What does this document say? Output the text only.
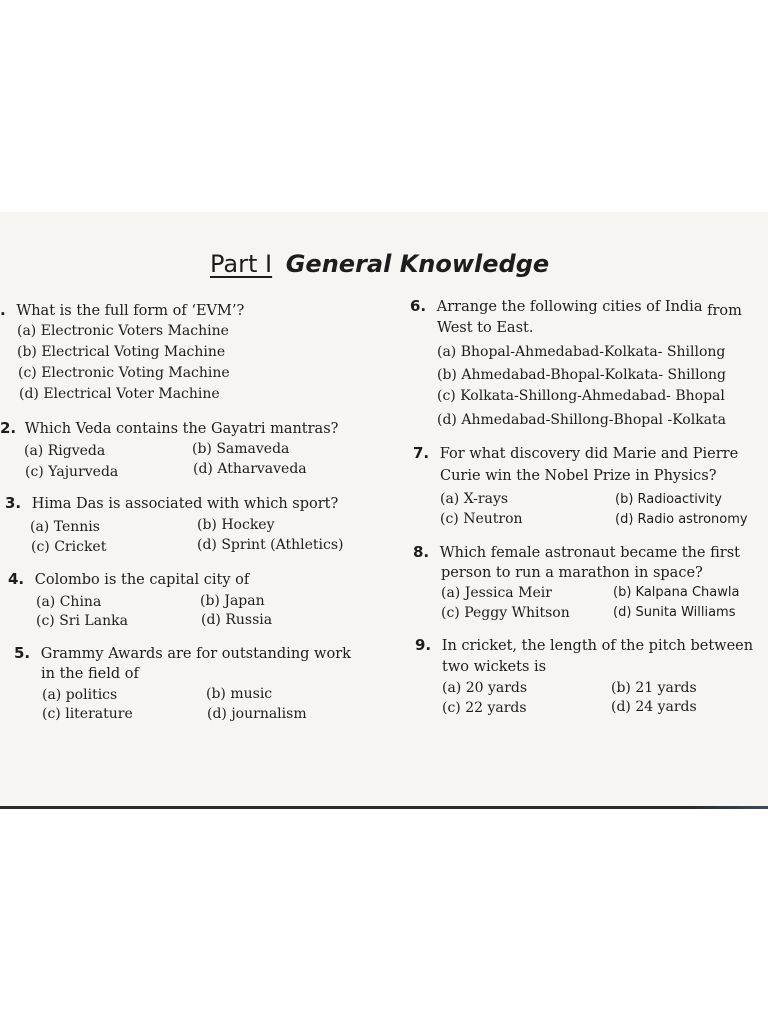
Part I General Knowledge
. What is the full form of ‘EVM’?
(a) Electronic Voters Machine
(b) Electrical Voting Machine
(c) Electronic Voting Machine
(d) Electrical Voter Machine
2. Which Veda contains the Gayatri mantras?
(a) Rigveda	(b) Samaveda
(c) Yajurveda	(d) Atharvaveda
3. Hima Das is associated with which sport?
(a) Tennis	(b) Hockey
(c) Cricket	(d) Sprint (Athletics)
4. Colombo is the capital city of
(a) China	(b) Japan
(c) Sri Lanka	(d) Russia
5. Grammy Awards are for outstanding work
in the field of
(a) politics	(b) music
(c) literature	(d) journalism
6. Arrange the following cities of India from
West to East.
(a) Bhopal-Ahmedabad-Kolkata- Shillong
(b) Ahmedabad-Bhopal-Kolkata- Shillong
(c) Kolkata-Shillong-Ahmedabad- Bhopal
(d) Ahmedabad-Shillong-Bhopal -Kolkata
7. For what discovery did Marie and Pierre
Curie win the Nobel Prize in Physics?
(a) X-rays	(b) Radioactivity
(c) Neutron	(d) Radio astronomy
8. Which female astronaut became the first
person to run a marathon in space?
(a) Jessica Meir	(b) Kalpana Chawla
(c) Peggy Whitson	(d) Sunita Williams
9. In cricket, the length of the pitch between
two wickets is
(a) 20 yards	(b) 21 yards
(c) 22 yards	(d) 24 yards
